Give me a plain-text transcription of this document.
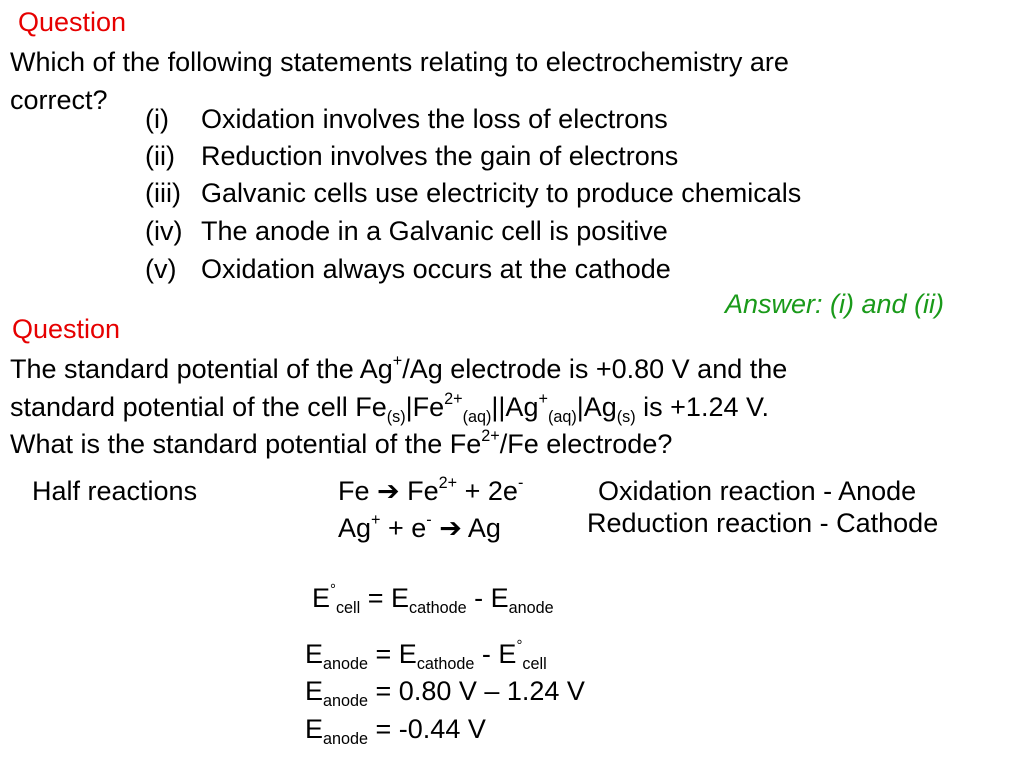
Question
Which of the following statements relating to electrochemistry are
correct?
(i) Oxidation involves the loss of electrons
(ii) Reduction involves the gain of electrons
(iii) Galvanic cells use electricity to produce chemicals
(iv) The anode in a Galvanic cell is positive
(v) Oxidation always occurs at the cathode
Answer: (i) and (ii)
Question
The standard potential of the Ag+/Ag electrode is +0.80 V and the
standard potential of the cell $Fe_{(s)}|Fe^{2+}_{(aq)}||Ag^+_{(aq)}|Ag_{(s)}$ is +1.24 V.
What is the standard potential of the $Fe^{2+}/Fe$ electrode?
Half reactions	Fe ➔ $Fe^{2+} + 2e^-$
Ag+ + e- ➔ Ag
Oxidation reaction - Anode
Reduction reaction - Cathode
$E^\circ_{cell} = E_{cathode} - E_{anode}$
$E_{anode} = E_{cathode} - E^\circ_{cell}$
$E_{anode} = 0.80$ V – 1.24 V
$E_{anode} = -0.44$ V
